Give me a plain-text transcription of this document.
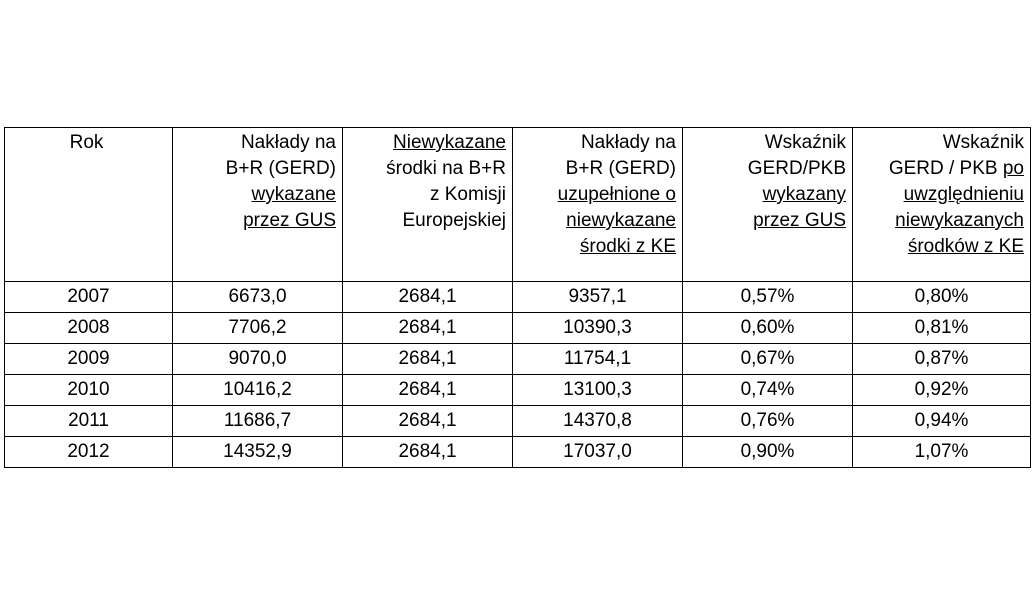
Rok	Nakłady na
B+R (GERD)
wykazane
przez GUS	Niewykazane
środki na B+R
z Komisji
Europejskiej	Nakłady na
B+R (GERD)
uzupełnione o
niewykazane
środki z KE	Wskaźnik
GERD/PKB
wykazany
przez GUS	Wskaźnik
GERD / PKB po
uwzględnieniu
niewykazanych
środków z KE

2007	6673,0	2684,1	9357,1	0,57%	0,80%
2008	7706,2	2684,1	10390,3	0,60%	0,81%
2009	9070,0	2684,1	11754,1	0,67%	0,87%
2010	10416,2	2684,1	13100,3	0,74%	0,92%
2011	11686,7	2684,1	14370,8	0,76%	0,94%
2012	14352,9	2684,1	17037,0	0,90%	1,07%
